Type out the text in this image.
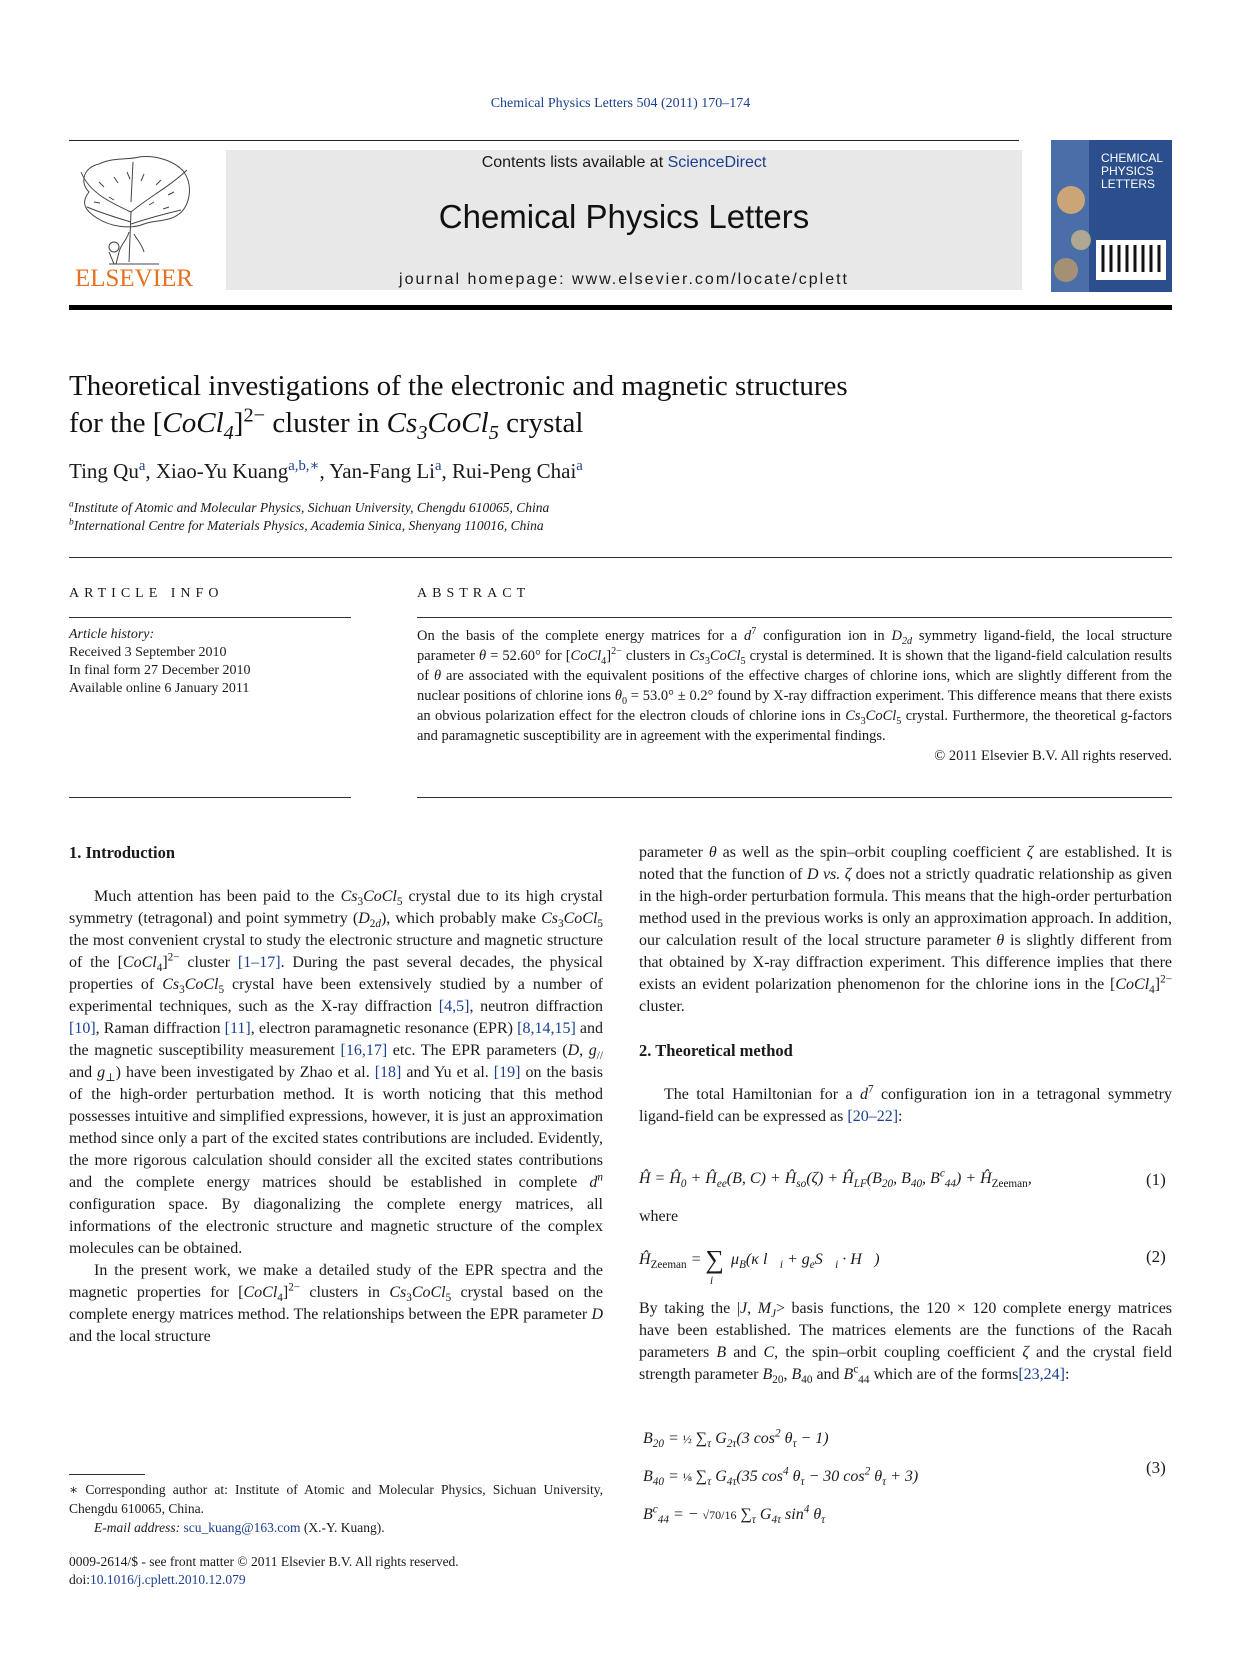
Chemical Physics Letters 504 (2011) 170–174
ELSEVIER
Contents lists available at ScienceDirect
Chemical Physics Letters
journal homepage: www.elsevier.com/locate/cplett
CHEMICAL
PHYSICS
LETTERS
Theoretical investigations of the electronic and magnetic structures
for the [CoCl$_4$]$^{2-}$ cluster in $Cs_3CoCl_5$ crystal
Ting Qu$^a$, Xiao-Yu Kuang$^{a,b,∗}$, Yan-Fang Li$^a$, Rui-Peng Chai$^a$
$^a$Institute of Atomic and Molecular Physics, Sichuan University, Chengdu 610065, China
$^b$International Centre for Materials Physics, Academia Sinica, Shenyang 110016, China
ARTICLE INFO
Article history:
Received 3 September 2010
In final form 27 December 2010
Available online 6 January 2011
ABSTRACT
On the basis of the complete energy matrices for a $d^7$ configuration ion in $D_{2d}$ symmetry ligand-field, the local structure parameter θ = 52.60° for [CoCl$_4$]$^{2-}$ clusters in $Cs_3CoCl_5$ crystal is determined. It is shown that the ligand-field calculation results of θ are associated with the equivalent positions of the effective charges of chlorine ions, which are slightly different from the nuclear positions of chlorine ions $\theta_0 = 53.0^\circ \pm 0.2^\circ$ found by X-ray diffraction experiment. This difference means that there exists an obvious polarization effect for the electron clouds of chlorine ions in $Cs_3CoCl_5$ crystal. Furthermore, the theoretical g-factors and paramagnetic susceptibility are in agreement with the experimental findings.
© 2011 Elsevier B.V. All rights reserved.
1. Introduction
Much attention has been paid to the $Cs_3CoCl_5$ crystal due to its high crystal symmetry (tetragonal) and point symmetry $(D_{2d})$, which probably make $Cs_3CoCl_5$ the most convenient crystal to study the electronic structure and magnetic structure of the [CoCl$_4$]$^{2-}$ cluster [1–17]. During the past several decades, the physical properties of $Cs_3CoCl_5$ crystal have been extensively studied by a number of experimental techniques, such as the X-ray diffraction [4,5], neutron diffraction [10], Raman diffraction [11], electron paramagnetic resonance (EPR) [8,14,15] and the magnetic susceptibility measurement [16,17] etc. The EPR parameters (D, $g_{//}$ and $g_\perp$) have been investigated by Zhao et al. [18] and Yu et al. [19] on the basis of the high-order perturbation method. It is worth noticing that this method possesses intuitive and simplified expressions, however, it is just an approximation method since only a part of the excited states contributions are included. Evidently, the more rigorous calculation should consider all the excited states contributions and the complete energy matrices should be established in complete $d^n$ configuration space. By diagonalizing the complete energy matrices, all informations of the electronic structure and magnetic structure of the complex molecules can be obtained.
In the present work, we make a detailed study of the EPR spectra and the magnetic properties for [CoCl$_4$]$^{2-}$ clusters in $Cs_3CoCl_5$ crystal based on the complete energy matrices method. The relationships between the EPR parameter D and the local structure
∗ Corresponding author at: Institute of Atomic and Molecular Physics, Sichuan University, Chengdu 610065, China.
E-mail address: scu_kuang@163.com (X.-Y. Kuang).
0009-2614/$ - see front matter © 2011 Elsevier B.V. All rights reserved.
doi:10.1016/j.cplett.2010.12.079
parameter θ as well as the spin–orbit coupling coefficient ζ are established. It is noted that the function of D vs. ζ does not a strictly quadratic relationship as given in the high-order perturbation formula. This means that the high-order perturbation method used in the previous works is only an approximation approach. In addition, our calculation result of the local structure parameter θ is slightly different from that obtained by X-ray diffraction experiment. This difference implies that there exists an evident polarization phenomenon for the chlorine ions in the [CoCl$_4$]$^{2-}$ cluster.
2. Theoretical method
The total Hamiltonian for a $d^7$ configuration ion in a tetragonal symmetry ligand-field can be expressed as [20–22]:
Ĥ = $Ĥ_0$ + $Ĥ_{ee}(B$, $C) + Ĥ_{so}(\zeta)$ + $Ĥ_{LF}(B_{20}$, $B_{40}$, $B^c_{44}$) + $Ĥ_{Zeeman}$,	(1)
where
$Ĥ_{Zeeman} = \sum_i$ $\mu_B(\kappa$ $l_i + g_eS_i$ · H⃗)	(2)
By taking the |J, $M_J>$ basis functions, the 120 × 120 complete energy matrices have been established. The matrices elements are the functions of the Racah parameters B and C, the spin–orbit coupling coefficient ζ and the crystal field strength parameter $B_{20}$, $B_{40}$ and $B^c_{44}$ which are of the forms[23,24]:
$B_{20}$ = ½ $\sum_\tau$ $G_{2\tau}(3$ $\cos^2 \theta_\tau - 1$)
$B_{40}$ = ⅛ $\sum_\tau$ $G_{4\tau}(35$ $\cos^4 \theta_\tau - 30$ $\cos^2 \theta_\tau + 3$)
$B^c_{44}$ = − √70/16 $\sum_\tau$ $G_{4\tau}$ $\sin^4 \theta_\tau$
(3)
